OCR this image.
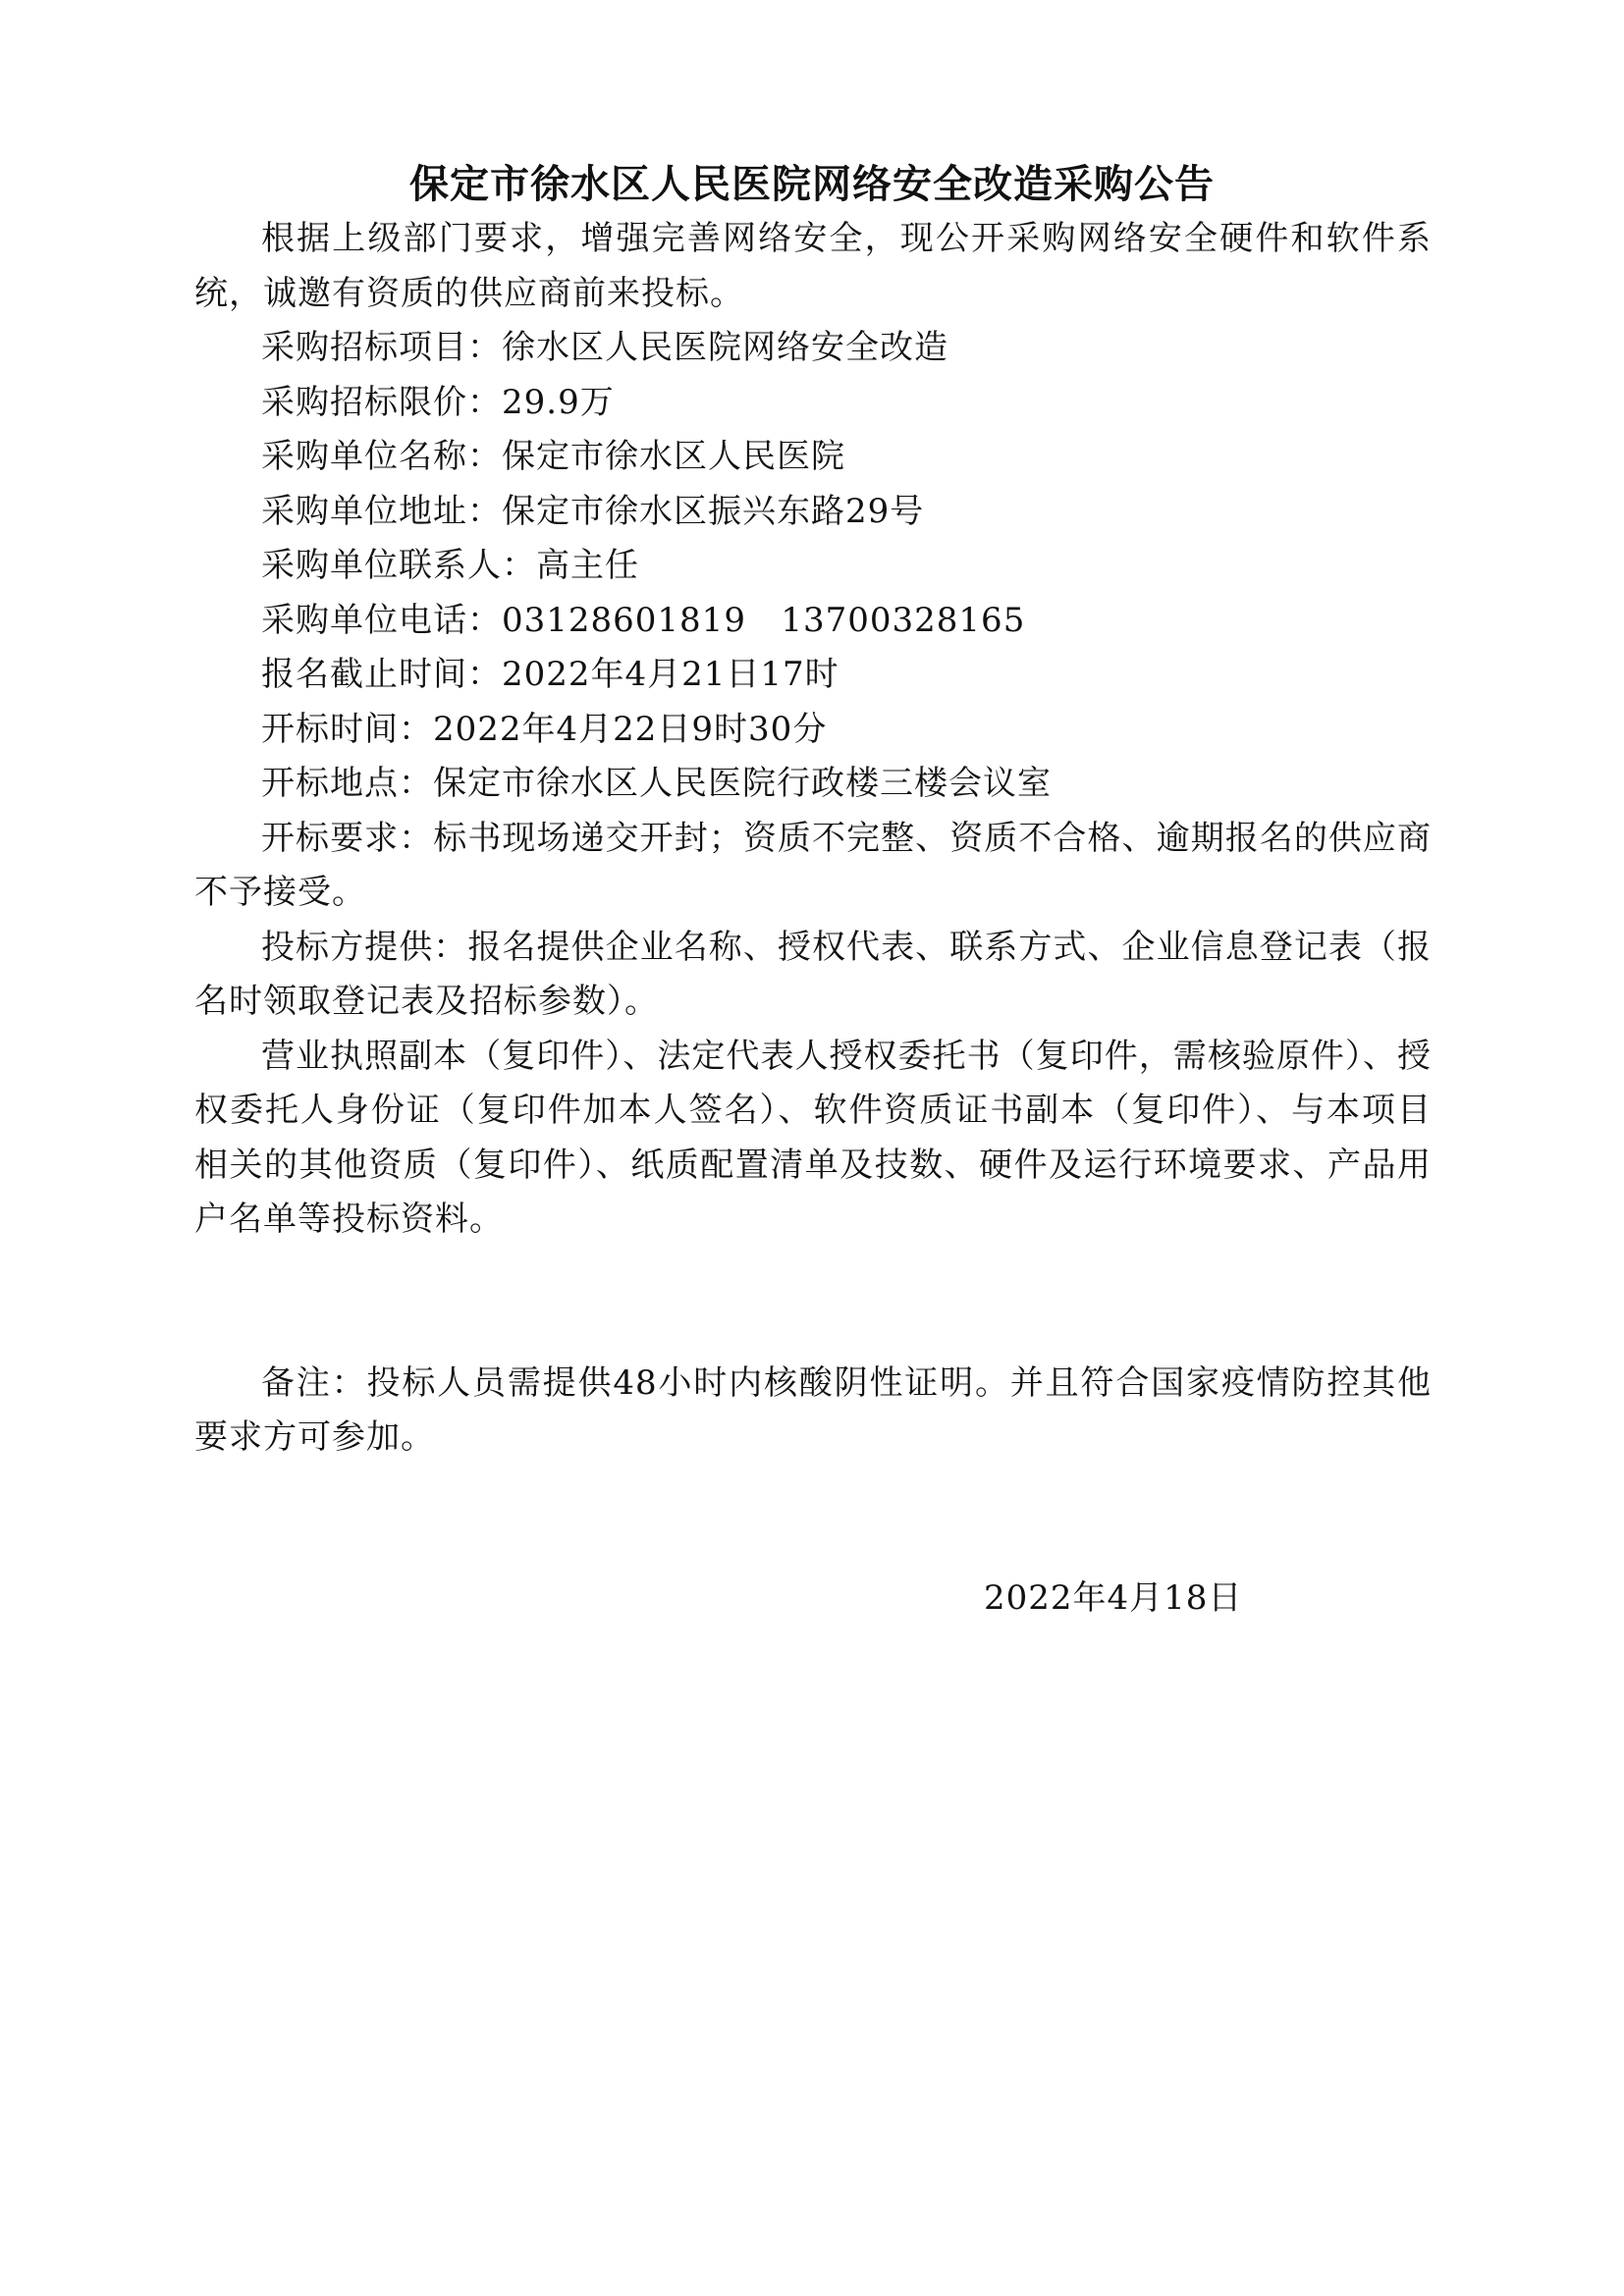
保定市徐水区人民医院网络安全改造采购公告

根据上级部门要求，增强完善网络安全，现公开采购网络安全硬件和软件系统，诚邀有资质的供应商前来投标。

采购招标项目：徐水区人民医院网络安全改造

采购招标限价：29.9万

采购单位名称：保定市徐水区人民医院

采购单位地址：保定市徐水区振兴东路29号

采购单位联系人：高主任

采购单位电话：03128601819   13700328165

报名截止时间：2022年4月21日17时

开标时间：2022年4月22日9时30分

开标地点：保定市徐水区人民医院行政楼三楼会议室

开标要求：标书现场递交开封；资质不完整、资质不合格、逾期报名的供应商不予接受。

投标方提供：报名提供企业名称、授权代表、联系方式、企业信息登记表（报名时领取登记表及招标参数）。

营业执照副本（复印件）、法定代表人授权委托书（复印件，需核验原件）、授权委托人身份证（复印件加本人签名）、软件资质证书副本（复印件）、与本项目相关的其他资质（复印件）、纸质配置清单及技数、硬件及运行环境要求、产品用户名单等投标资料。

备注：投标人员需提供48小时内核酸阴性证明。并且符合国家疫情防控其他要求方可参加。

2022年4月18日
